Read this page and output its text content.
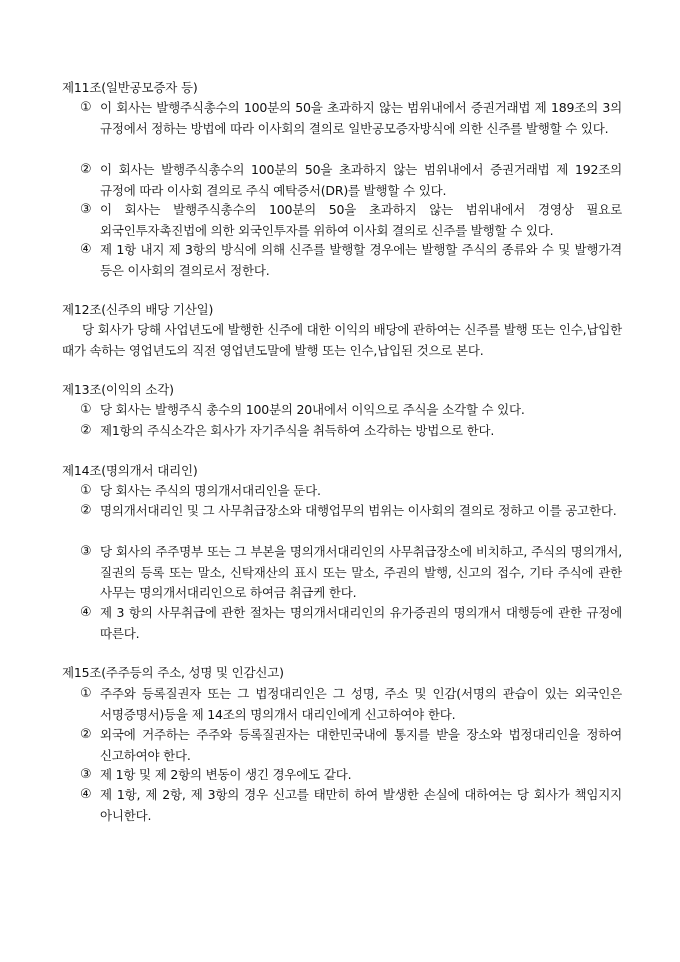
제11조(일반공모증자 등)
① 이 회사는 발행주식총수의 100분의 50을 초과하지 않는 범위내에서 증권거래법 제 189조의 3의 규정에서 정하는 방법에 따라 이사회의 결의로 일반공모증자방식에 의한 신주를 발행할 수 있다.
② 이 회사는 발행주식총수의 100분의 50을 초과하지 않는 범위내에서 증권거래법 제 192조의 규정에 따라 이사회 결의로 주식 예탁증서(DR)를 발행할 수 있다.
③ 이 회사는 발행주식총수의 100분의 50을 초과하지 않는 범위내에서 경영상 필요로 외국인투자촉진법에 의한 외국인투자를 위하여 이사회 결의로 신주를 발행할 수 있다.
④ 제 1항 내지 제 3항의 방식에 의해 신주를 발행할 경우에는 발행할 주식의 종류와 수 및 발행가격 등은 이사회의 결의로서 정한다.
제12조(신주의 배당 기산일)
당 회사가 당해 사업년도에 발행한 신주에 대한 이익의 배당에 관하여는 신주를 발행 또는 인수,납입한 때가 속하는 영업년도의 직전 영업년도말에 발행 또는 인수,납입된 것으로 본다.
제13조(이익의 소각)
① 당 회사는 발행주식 총수의 100분의 20내에서 이익으로 주식을 소각할 수 있다.
② 제1항의 주식소각은 회사가 자기주식을 취득하여 소각하는 방법으로 한다.
제14조(명의개서 대리인)
① 당 회사는 주식의 명의개서대리인을 둔다.
② 명의개서대리인 및 그 사무취급장소와 대행업무의 범위는 이사회의 결의로 정하고 이를 공고한다.
③ 당 회사의 주주명부 또는 그 부본을 명의개서대리인의 사무취급장소에 비치하고, 주식의 명의개서, 질권의 등록 또는 말소, 신탁재산의 표시 또는 말소, 주권의 발행, 신고의 접수, 기타 주식에 관한 사무는 명의개서대리인으로 하여금 취급케 한다.
④ 제 3 항의 사무취급에 관한 절차는 명의개서대리인의 유가증권의 명의개서 대행등에 관한 규정에 따른다.
제15조(주주등의 주소, 성명 및 인감신고)
① 주주와 등록질권자 또는 그 법정대리인은 그 성명, 주소 및 인감(서명의 관습이 있는 외국인은 서명증명서)등을 제 14조의 명의개서 대리인에게 신고하여야 한다.
② 외국에 거주하는 주주와 등록질권자는 대한민국내에 통지를 받을 장소와 법정대리인을 정하여 신고하여야 한다.
③ 제 1항 및 제 2항의 변동이 생긴 경우에도 같다.
④ 제 1항, 제 2항, 제 3항의 경우 신고를 태만히 하여 발생한 손실에 대하여는 당 회사가 책임지지 아니한다.
